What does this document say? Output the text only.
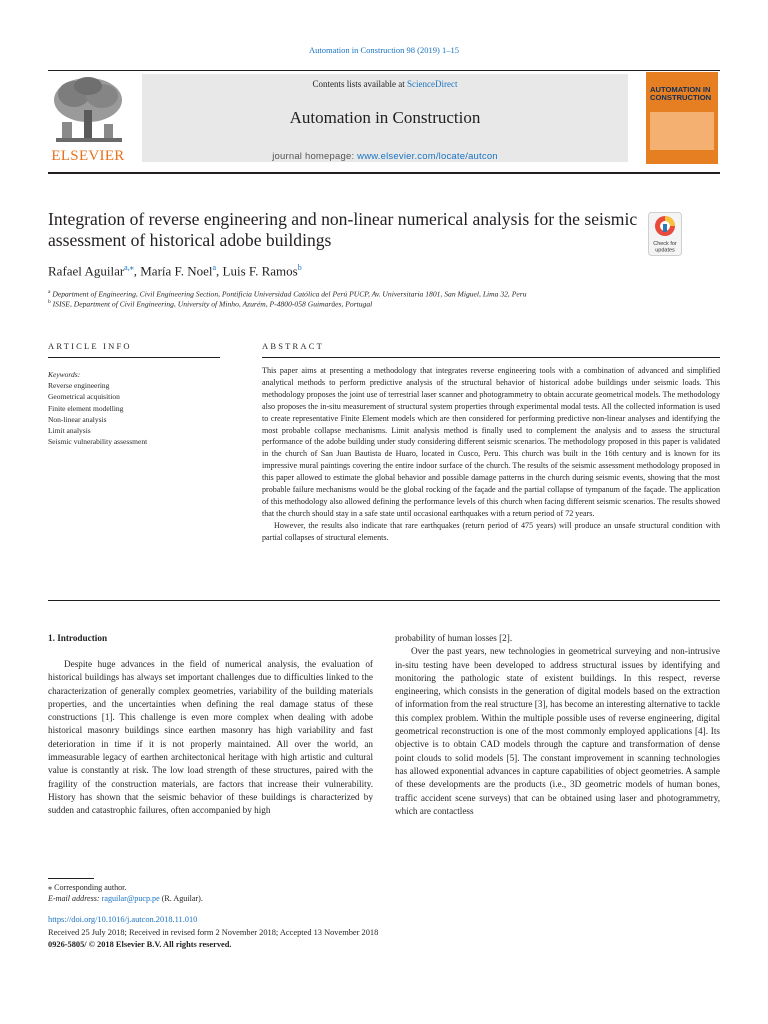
Automation in Construction 98 (2019) 1–15
ELSEVIER
Contents lists available at ScienceDirect
Automation in Construction
journal homepage: www.elsevier.com/locate/autcon
AUTOMATION IN
CONSTRUCTION
Integration of reverse engineering and non-linear numerical analysis for the seismic assessment of historical adobe buildings	Check for
updates
Rafael Aguilar$^{a,⁎}$, María F. Noel$^a$, Luis F. Ramos$^b$
$^a$ Department of Engineering, Civil Engineering Section, Pontificia Universidad Católica del Perú PUCP, Av. Universitaria 1801, San Miguel, Lima 32, Peru
$^b$ ISISE, Department of Civil Engineering, University of Minho, Azurém, P-4800-058 Guimarães, Portugal
ARTICLE INFO	ABSTRACT
Keywords:
Reverse engineering
Geometrical acquisition
Finite element modelling
Non-linear analysis
Limit analysis
Seismic vulnerability assessment

This paper aims at presenting a methodology that integrates reverse engineering tools with a combination of advanced and simplified analytical methods to perform predictive analysis of the structural behavior of historical adobe buildings under seismic loads. This methodology proposes the joint use of terrestrial laser scanner and photogrammetry to obtain accurate geometrical models. The methodology also proposes the in-situ measurement of structural system properties through experimental modal tests. All the collected information is used to create representative Finite Element models which are then considered for performing predictive non-linear analyses and identifying the most probable collapse mechanisms. Limit analysis method is finally used to complement the analysis and to assess the structural performance of the adobe building under study considering different seismic scenarios. The methodology proposed in this paper is validated in the church of San Juan Bautista de Huaro, located in Cusco, Peru. This church was built in the 16th century and is known for its impressive mural paintings covering the entire indoor surface of the church. The results of the seismic assessment methodology proposed in this paper allowed to estimate the global behavior and possible damage patterns in the church during seismic events, showing that the most probable failure mechanisms would be the global rocking of the façade and the partial collapse of tympanum of the façade. The application of this methodology also allowed defining the performance levels of this church when facing different seismic scenarios. The results showed that the church should stay in a safe state until occasional earthquakes with a return period of 72 years.

However, the results also indicate that rare earthquakes (return period of 475 years) will produce an unsafe structural condition with partial collapses of structural elements.

1. Introduction

Despite huge advances in the field of numerical analysis, the evaluation of historical buildings has always set important challenges due to difficulties linked to the characterization of generally complex geometries, variability of the building materials properties, and the uncertainties when defining the real damage status of these constructions [1]. This challenge is even more complex when dealing with adobe historical masonry buildings since earthen masonry has high variability and fast deterioration in time if it is not properly maintained. All over the world, an immeasurable legacy of earthen architectonical heritage with high artistic and cultural value is constantly at risk. The low load strength of these structures, paired with the fragility of the construction materials, are factors that increase their vulnerability. History has shown that the seismic behavior of these buildings is characterized by sudden and catastrophic failures, often accompanied by high

probability of human losses [2].

Over the past years, new technologies in geometrical surveying and non-intrusive in-situ testing have been developed to address structural issues by identifying and monitoring the pathologic state of existent buildings. In this respect, reverse engineering, which consists in the generation of digital models based on the extraction of information from the real structure [3], has become an interesting alternative to tackle this complex problem. Within the multiple possible uses of reverse engineering, digital geometrical reconstruction is one of the most commonly employed applications [4]. Its objective is to obtain CAD models through the capture and transformation of dense point clouds to solid models [5]. The constant improvement in scanning technologies has allowed exponential advances in capture capabilities of object geometries. A sample of these developments are the products (i.e., 3D geometric models of human bones, traffic accident scene surveys) that can be obtained using laser and photogrammetry, which are contactless

⁎ Corresponding author.
E-mail address: raguilar@pucp.pe (R. Aguilar).
https://doi.org/10.1016/j.autcon.2018.11.010
Received 25 July 2018; Received in revised form 2 November 2018; Accepted 13 November 2018
0926-5805/ © 2018 Elsevier B.V. All rights reserved.
